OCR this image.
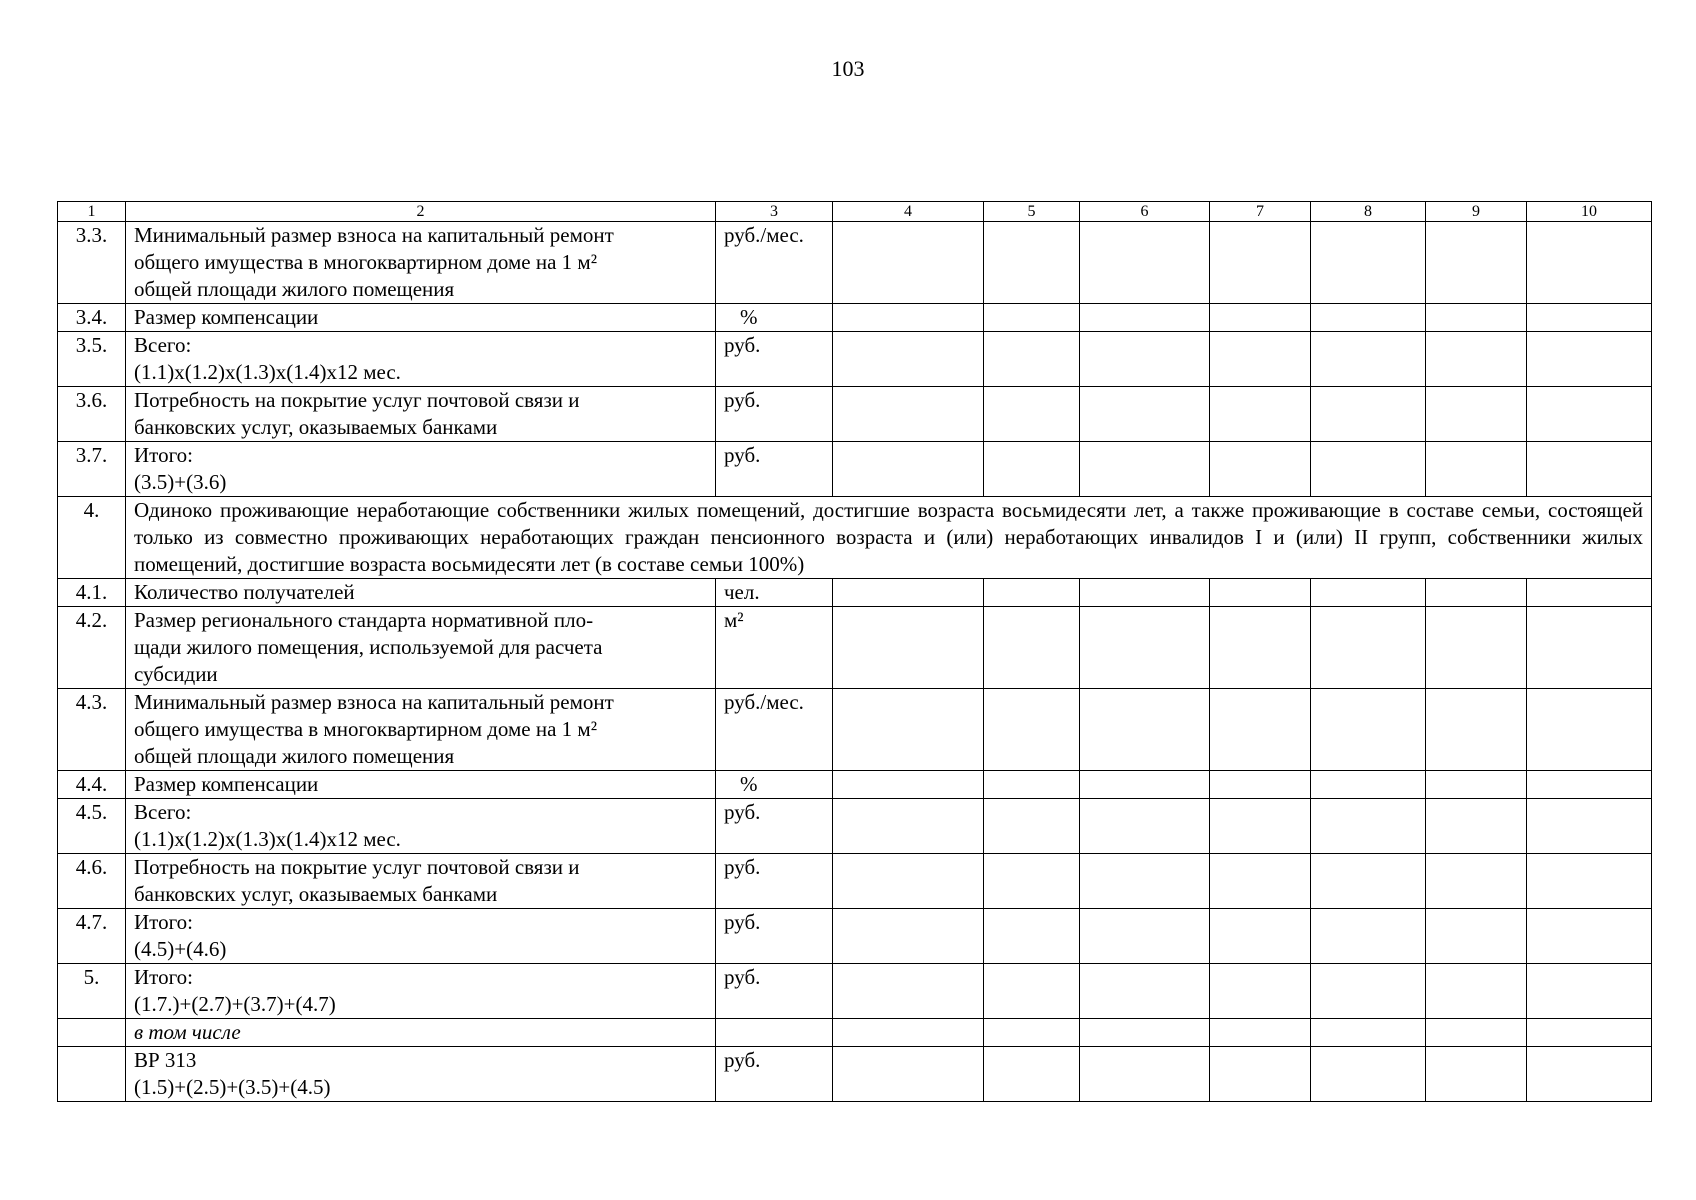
103
1	2	3	4	5	6	7	8	9	10
3.3.	Минимальный размер взноса на капитальный ремонт
общего имущества в многоквартирном доме на 1 м²
общей площади жилого помещения	руб./мес.							
3.4.	Размер компенсации	%							
3.5.	Всего:
(1.1)x(1.2)x(1.3)x(1.4)x12 мес.	руб.							
3.6.	Потребность на покрытие услуг почтовой связи и
банковских услуг, оказываемых банками	руб.							
3.7.	Итого:
(3.5)+(3.6)	руб.							
4.	Одиноко проживающие неработающие собственники жилых помещений, достигшие возраста восьмидесяти лет, а также проживающие в составе семьи, состоящей только из совместно проживающих неработающих граждан пенсионного возраста и (или) неработающих инвалидов I и (или) II групп, собственники жилых помещений, достигшие возраста восьмидесяти лет (в составе семьи 100%)								
4.1.	Количество получателей	чел.							
4.2.	Размер регионального стандарта нормативной пло-
щади жилого помещения, используемой для расчета
субсидии	м²							
4.3.	Минимальный размер взноса на капитальный ремонт
общего имущества в многоквартирном доме на 1 м²
общей площади жилого помещения	руб./мес.							
4.4.	Размер компенсации	%							
4.5.	Всего:
(1.1)x(1.2)x(1.3)x(1.4)x12 мес.	руб.							
4.6.	Потребность на покрытие услуг почтовой связи и
банковских услуг, оказываемых банками	руб.							
4.7.	Итого:
(4.5)+(4.6)	руб.							
5.	Итого:
(1.7.)+(2.7)+(3.7)+(4.7)	руб.							

	в том числе								

	ВР 313
(1.5)+(2.5)+(3.5)+(4.5)	руб.							
